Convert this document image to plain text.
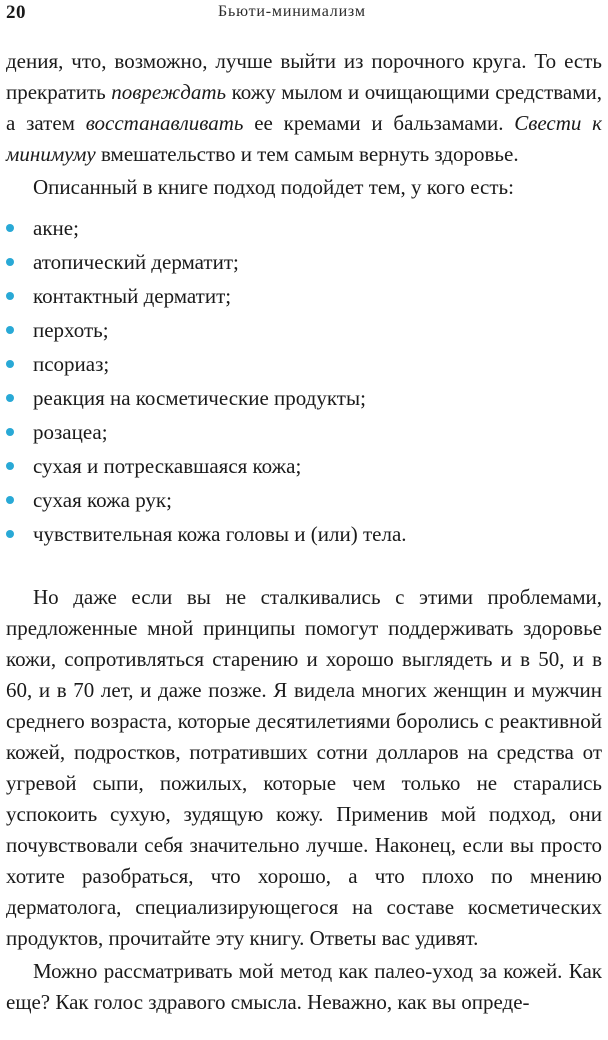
20	Бьюти-минимализм

дения, что, возможно, лучше выйти из порочного круга. То есть прекратить повреждать кожу мылом и очищающими средствами, а затем восстанавливать ее кремами и бальзамами. Свести к минимуму вмешательство и тем самым вернуть здоровье.

Описанный в книге подход подойдет тем, у кого есть:

акне;
атопический дерматит;
контактный дерматит;
перхоть;
псориаз;
реакция на косметические продукты;
розацеа;
сухая и потрескавшаяся кожа;
сухая кожа рук;
чувствительная кожа головы и (или) тела.

Но даже если вы не сталкивались с этими проблемами, предложенные мной принципы помогут поддерживать здоровье кожи, сопротивляться старению и хорошо выглядеть и в 50, и в 60, и в 70 лет, и даже позже. Я видела многих женщин и мужчин среднего возраста, которые десятилетиями боролись с реактивной кожей, подростков, потративших сотни долларов на средства от угревой сыпи, пожилых, которые чем только не старались успокоить сухую, зудящую кожу. Применив мой подход, они почувствовали себя значительно лучше. Наконец, если вы просто хотите разобраться, что хорошо, а что плохо по мнению дерматолога, специализирующегося на составе косметических продуктов, прочитайте эту книгу. Ответы вас удивят.

Можно рассматривать мой метод как палео-уход за кожей. Как еще? Как голос здравого смысла. Неважно, как вы опреде-
